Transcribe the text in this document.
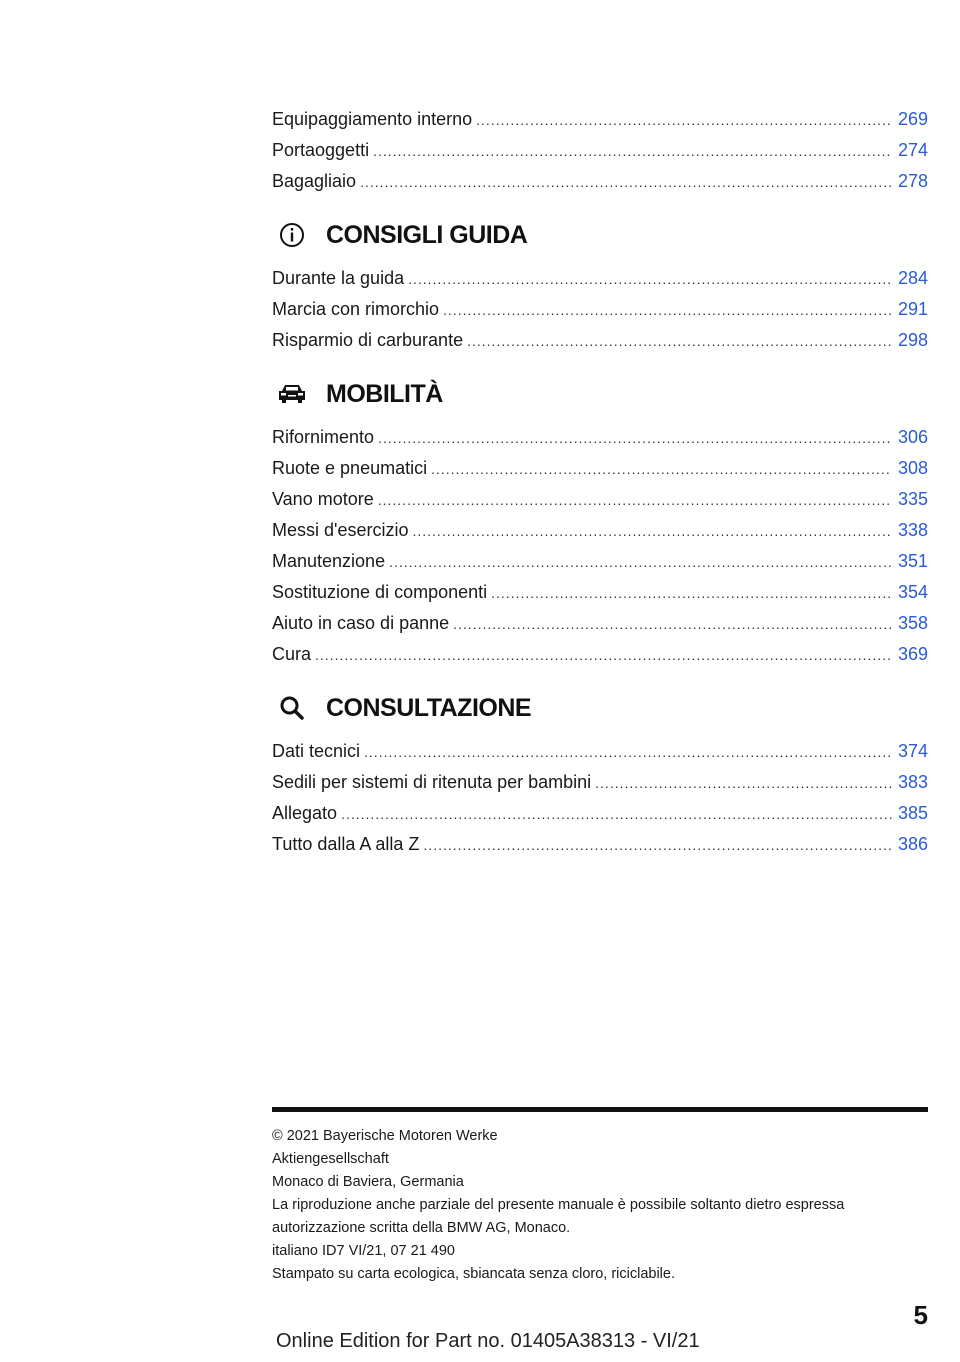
Equipaggiamento interno .....	269
Portaoggetti .....	274
Bagagliaio .....	278
CONSIGLI GUIDA
Durante la guida .....	284
Marcia con rimorchio .....	291
Risparmio di carburante .....	298
MOBILITÀ
Rifornimento .....	306
Ruote e pneumatici .....	308
Vano motore .....	335
Messi d'esercizio .....	338
Manutenzione .....	351
Sostituzione di componenti .....	354
Aiuto in caso di panne .....	358
Cura .....	369
CONSULTAZIONE
Dati tecnici .....	374
Sedili per sistemi di ritenuta per bambini .....	383
Allegato .....	385
Tutto dalla A alla Z .....	386
© 2021 Bayerische Motoren Werke
Aktiengesellschaft
Monaco di Baviera, Germania
La riproduzione anche parziale del presente manuale è possibile soltanto dietro espressa
autorizzazione scritta della BMW AG, Monaco.
italiano ID7 VI/21, 07 21 490
Stampato su carta ecologica, sbiancata senza cloro, riciclabile.
5
Online Edition for Part no. 01405A38313 - VI/21
